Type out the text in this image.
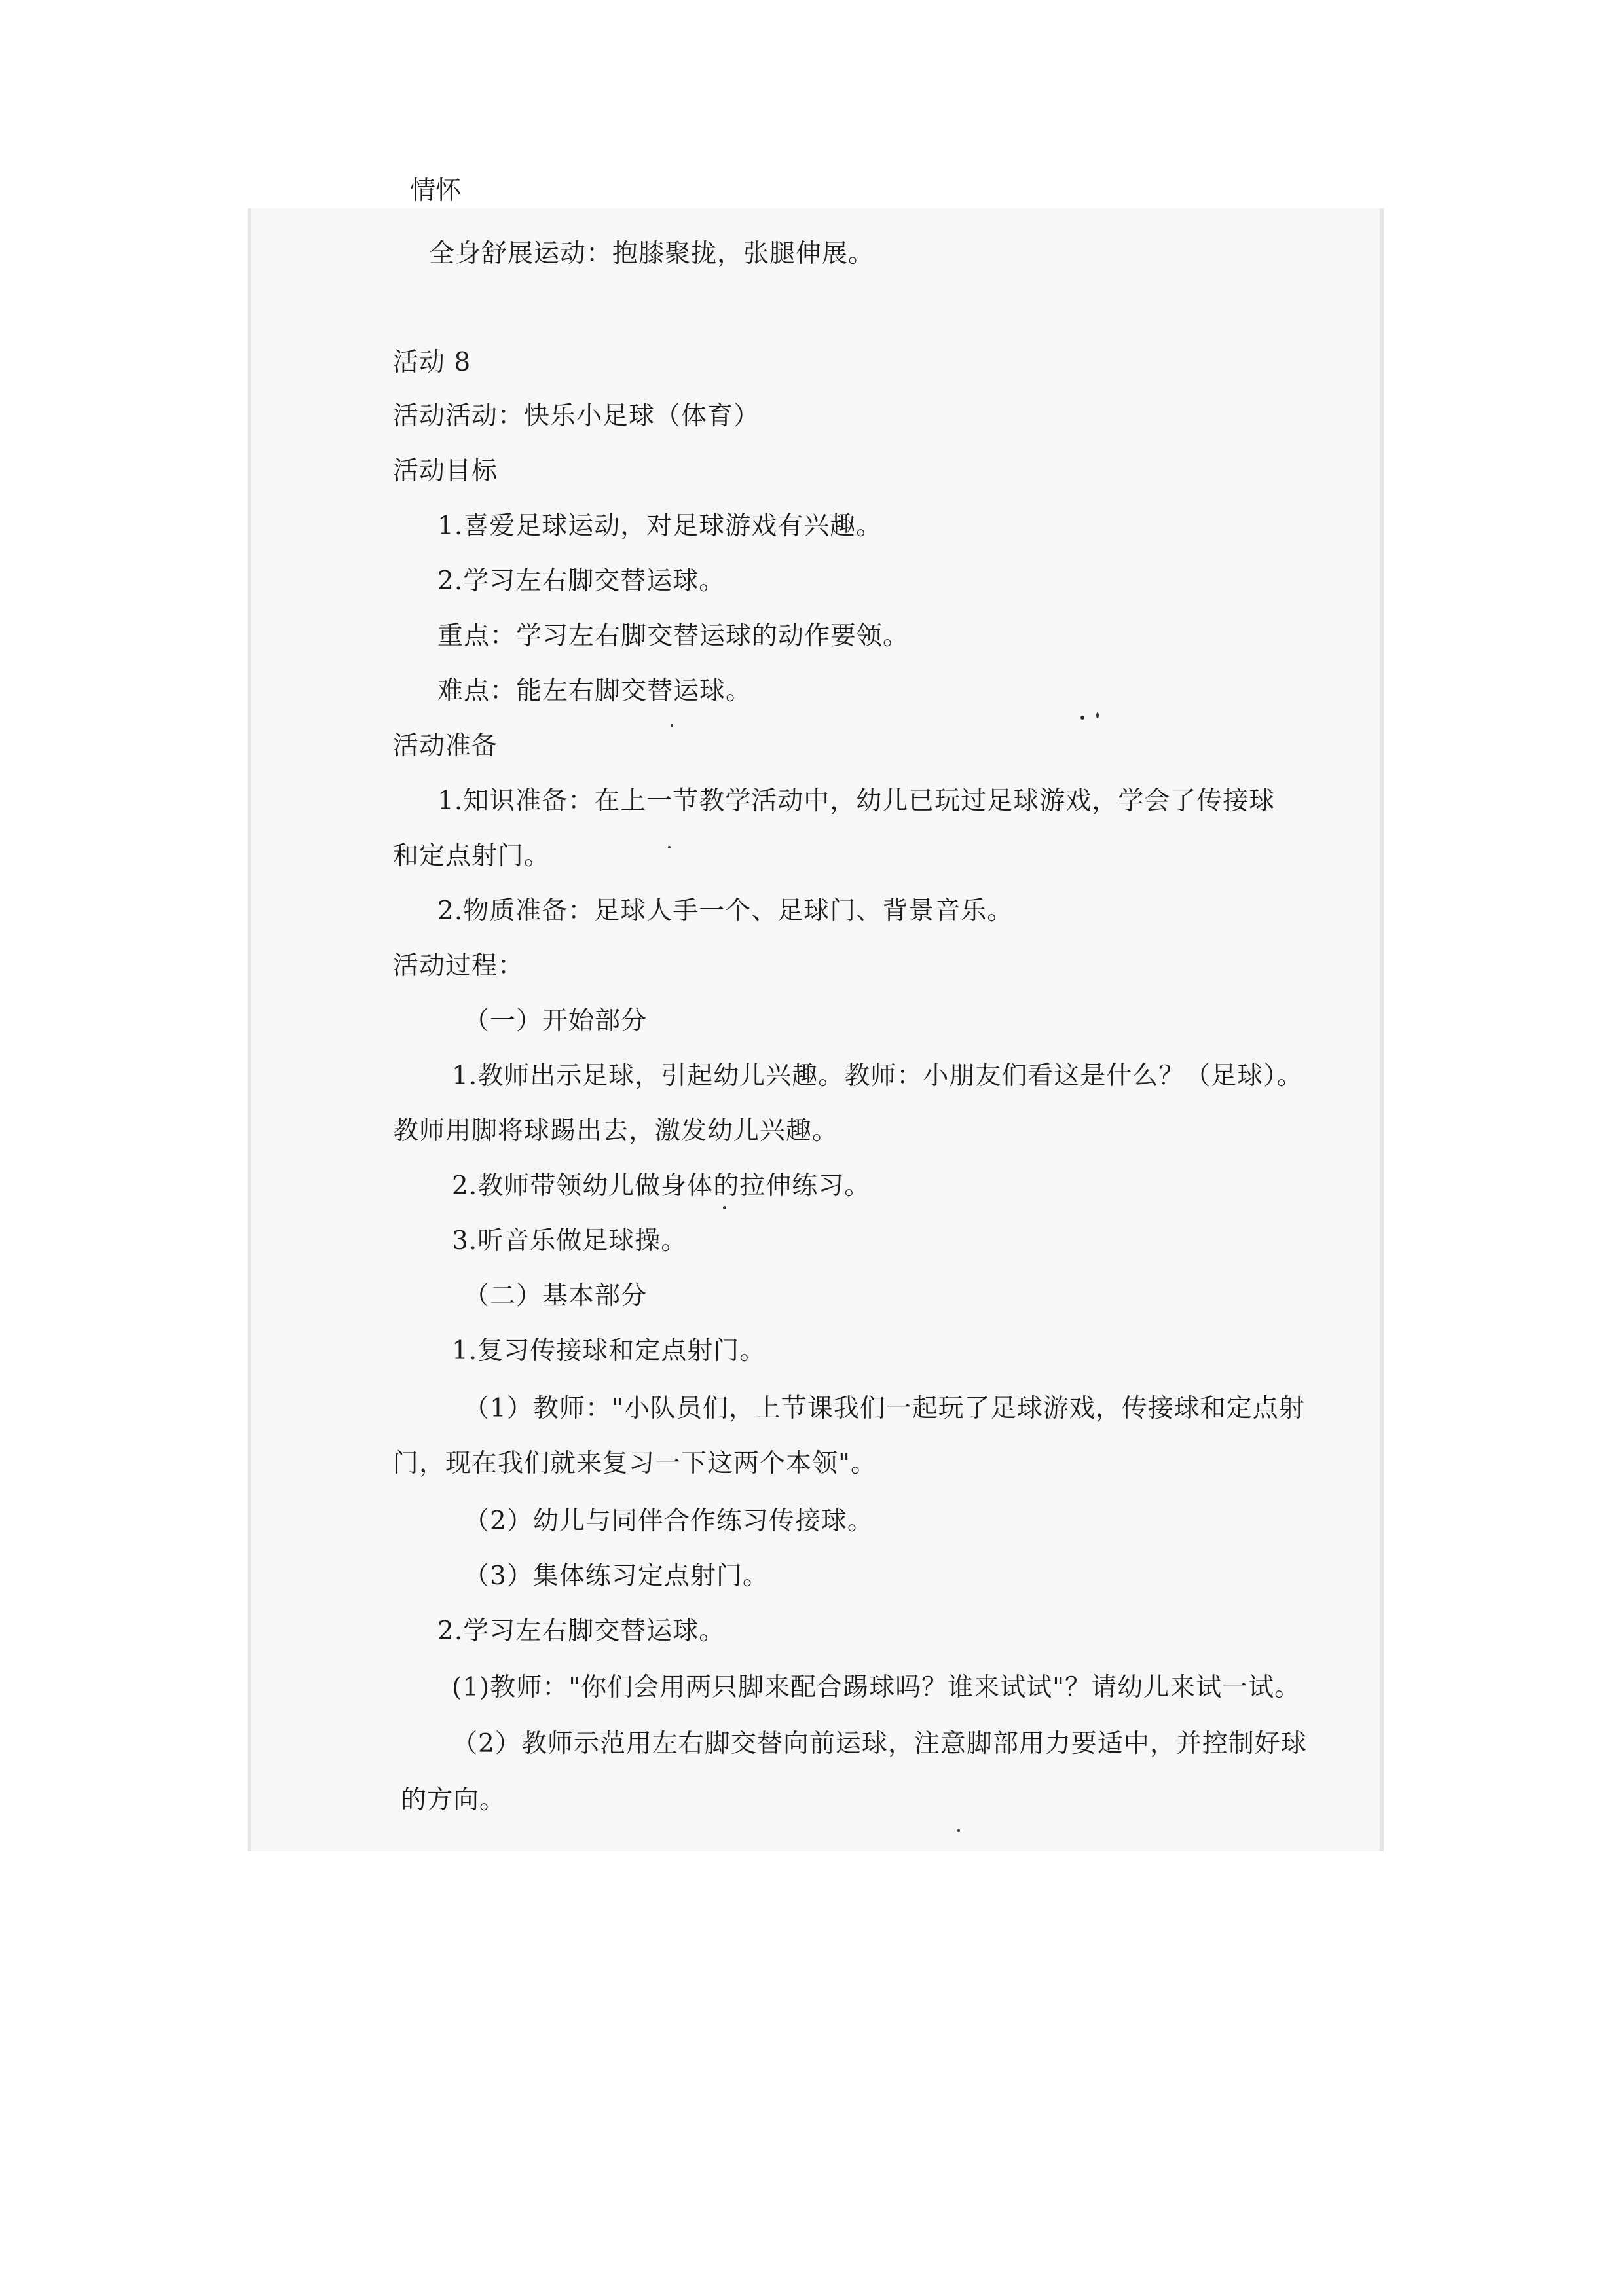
情怀
全身舒展运动：抱膝聚拢，张腿伸展。
活动 8
活动活动：快乐小足球（体育）
活动目标
1.喜爱足球运动，对足球游戏有兴趣。
2.学习左右脚交替运球。
重点：学习左右脚交替运球的动作要领。
难点：能左右脚交替运球。
活动准备
1.知识准备：在上一节教学活动中，幼儿已玩过足球游戏，学会了传接球
和定点射门。
2.物质准备：足球人手一个、足球门、背景音乐。
活动过程：
（一）开始部分
1.教师出示足球，引起幼儿兴趣。教师：小朋友们看这是什么？（足球）。
教师用脚将球踢出去，激发幼儿兴趣。
2.教师带领幼儿做身体的拉伸练习。
3.听音乐做足球操。
（二）基本部分
1.复习传接球和定点射门。
（1）教师："小队员们，上节课我们一起玩了足球游戏，传接球和定点射
门，现在我们就来复习一下这两个本领"。
（2）幼儿与同伴合作练习传接球。
（3）集体练习定点射门。
2.学习左右脚交替运球。
(1)教师："你们会用两只脚来配合踢球吗？谁来试试"？请幼儿来试一试。
（2）教师示范用左右脚交替向前运球，注意脚部用力要适中，并控制好球
的方向。
